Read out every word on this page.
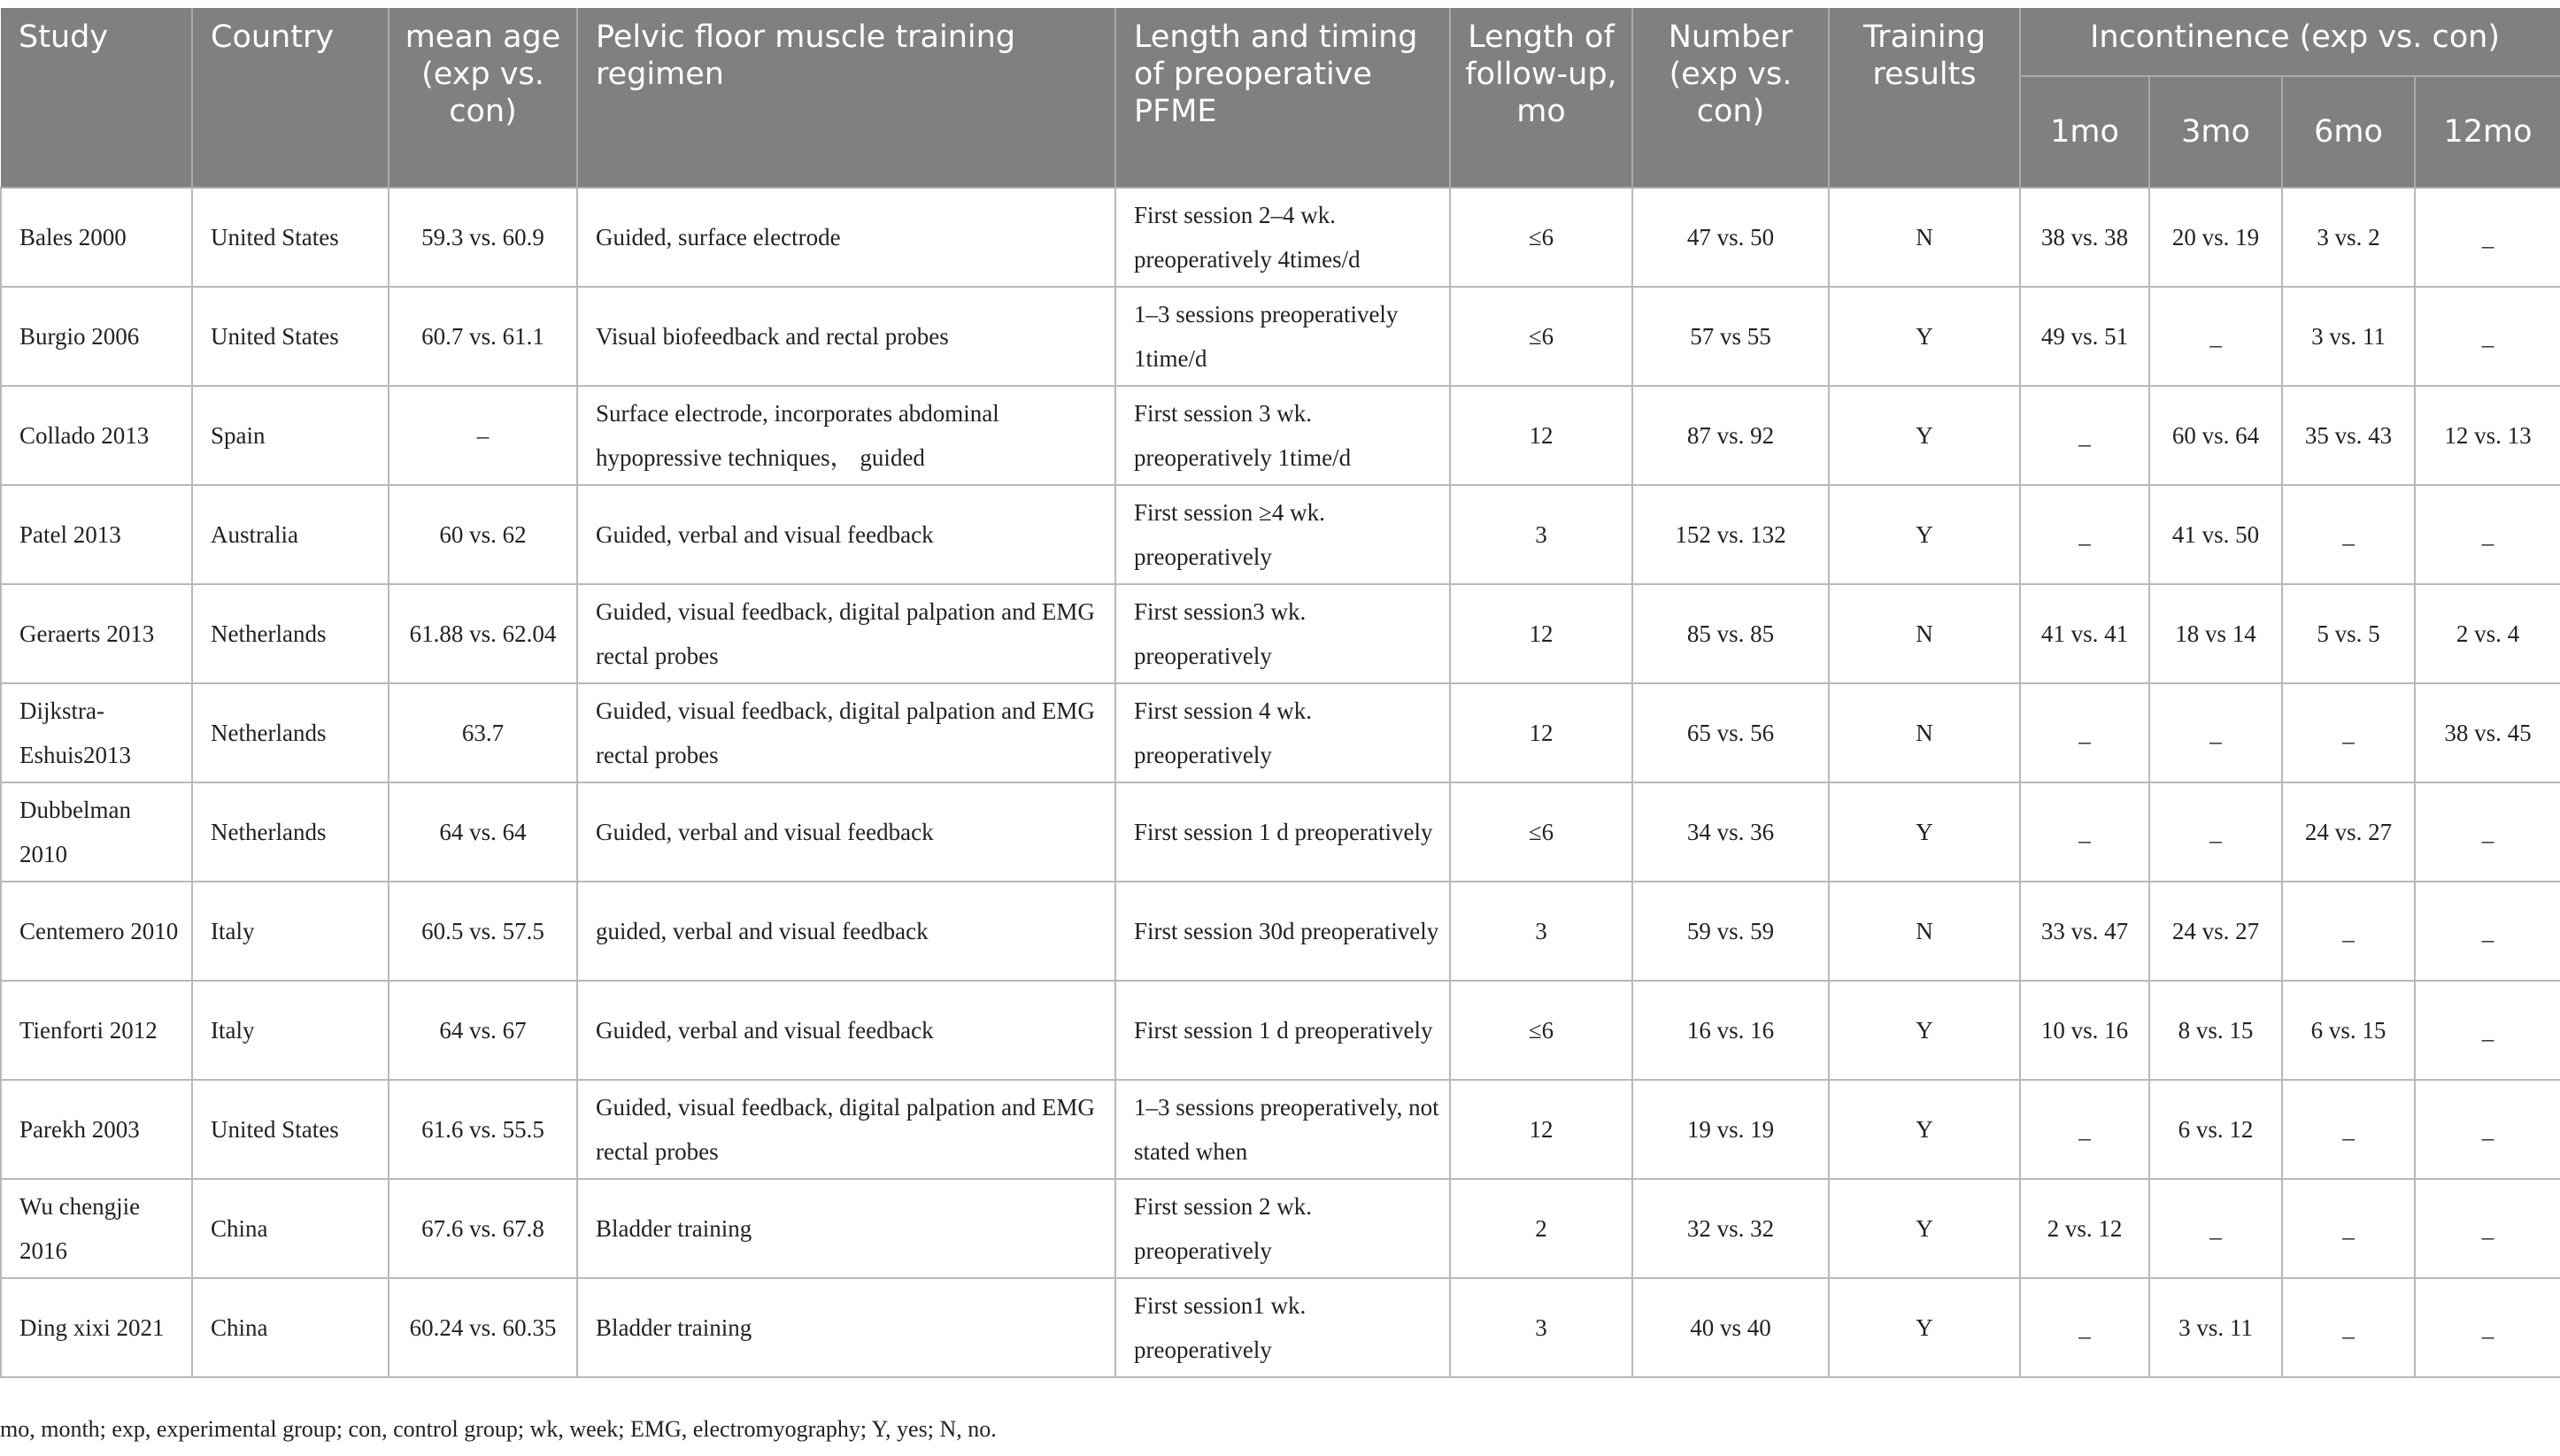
Study	Country	mean age (exp vs. con)	Pelvic floor muscle training regimen	Length and timing of preoperative PFME	Length of follow-up, mo	Number (exp vs. con)	Training results	Incontinence (exp vs. con)			
								1mo	3mo	6mo	12mo
Bales 2000	United States	59.3 vs. 60.9	Guided, surface electrode	First session 2–4 wk. preoperatively 4times/d	≤6	47 vs. 50	N	38 vs. 38	20 vs. 19	3 vs. 2	_
Burgio 2006	United States	60.7 vs. 61.1	Visual biofeedback and rectal probes	1–3 sessions preoperatively 1time/d	≤6	57 vs 55	Y	49 vs. 51	_	3 vs. 11	_
Collado 2013	Spain	–	Surface electrode, incorporates abdominal hypopressive techniques， guided	First session 3 wk. preoperatively 1time/d	12	87 vs. 92	Y	_	60 vs. 64	35 vs. 43	12 vs. 13
Patel 2013	Australia	60 vs. 62	Guided, verbal and visual feedback	First session ≥4 wk. preoperatively	3	152 vs. 132	Y	_	41 vs. 50	_	_
Geraerts 2013	Netherlands	61.88 vs. 62.04	Guided, visual feedback, digital palpation and EMG rectal probes	First session3 wk. preoperatively	12	85 vs. 85	N	41 vs. 41	18 vs 14	5 vs. 5	2 vs. 4
Dijkstra-Eshuis2013	Netherlands	63.7	Guided, visual feedback, digital palpation and EMG rectal probes	First session 4 wk. preoperatively	12	65 vs. 56	N	_	_	_	38 vs. 45
Dubbelman 2010	Netherlands	64 vs. 64	Guided, verbal and visual feedback	First session 1 d preoperatively	≤6	34 vs. 36	Y	_	_	24 vs. 27	_
Centemero 2010	Italy	60.5 vs. 57.5	guided, verbal and visual feedback	First session 30d preoperatively	3	59 vs. 59	N	33 vs. 47	24 vs. 27	_	_
Tienforti 2012	Italy	64 vs. 67	Guided, verbal and visual feedback	First session 1 d preoperatively	≤6	16 vs. 16	Y	10 vs. 16	8 vs. 15	6 vs. 15	_
Parekh 2003	United States	61.6 vs. 55.5	Guided, visual feedback, digital palpation and EMG rectal probes	1–3 sessions preoperatively, not stated when	12	19 vs. 19	Y	_	6 vs. 12	_	_
Wu chengjie 2016	China	67.6 vs. 67.8	Bladder training	First session 2 wk. preoperatively	2	32 vs. 32	Y	2 vs. 12	_	_	_
Ding xixi 2021	China	60.24 vs. 60.35	Bladder training	First session1 wk. preoperatively	3	40 vs 40	Y	_	3 vs. 11	_	_
mo, month; exp, experimental group; con, control group; wk, week; EMG, electromyography; Y, yes; N, no.
